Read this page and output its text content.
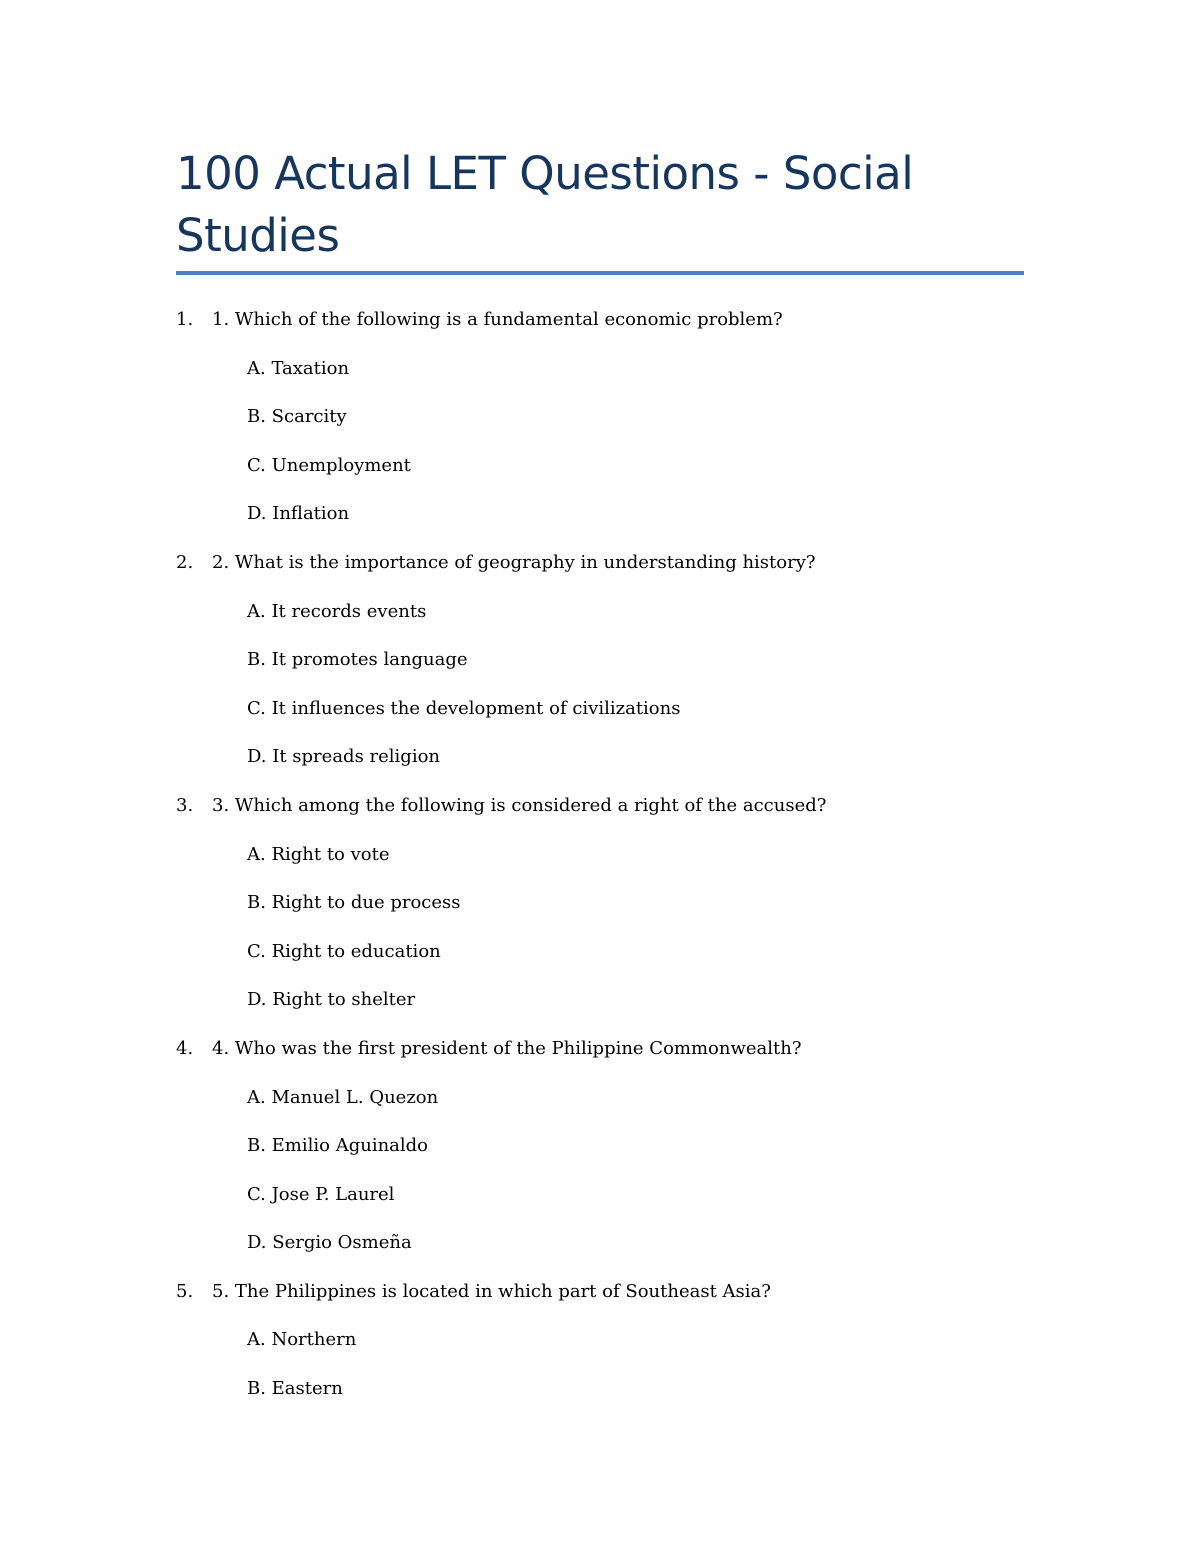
100 Actual LET Questions - Social Studies
1. 1. Which of the following is a fundamental economic problem?
A. Taxation
B. Scarcity
C. Unemployment
D. Inflation
2. 2. What is the importance of geography in understanding history?
A. It records events
B. It promotes language
C. It influences the development of civilizations
D. It spreads religion
3. 3. Which among the following is considered a right of the accused?
A. Right to vote
B. Right to due process
C. Right to education
D. Right to shelter
4. 4. Who was the first president of the Philippine Commonwealth?
A. Manuel L. Quezon
B. Emilio Aguinaldo
C. Jose P. Laurel
D. Sergio Osmeña
5. 5. The Philippines is located in which part of Southeast Asia?
A. Northern
B. Eastern
